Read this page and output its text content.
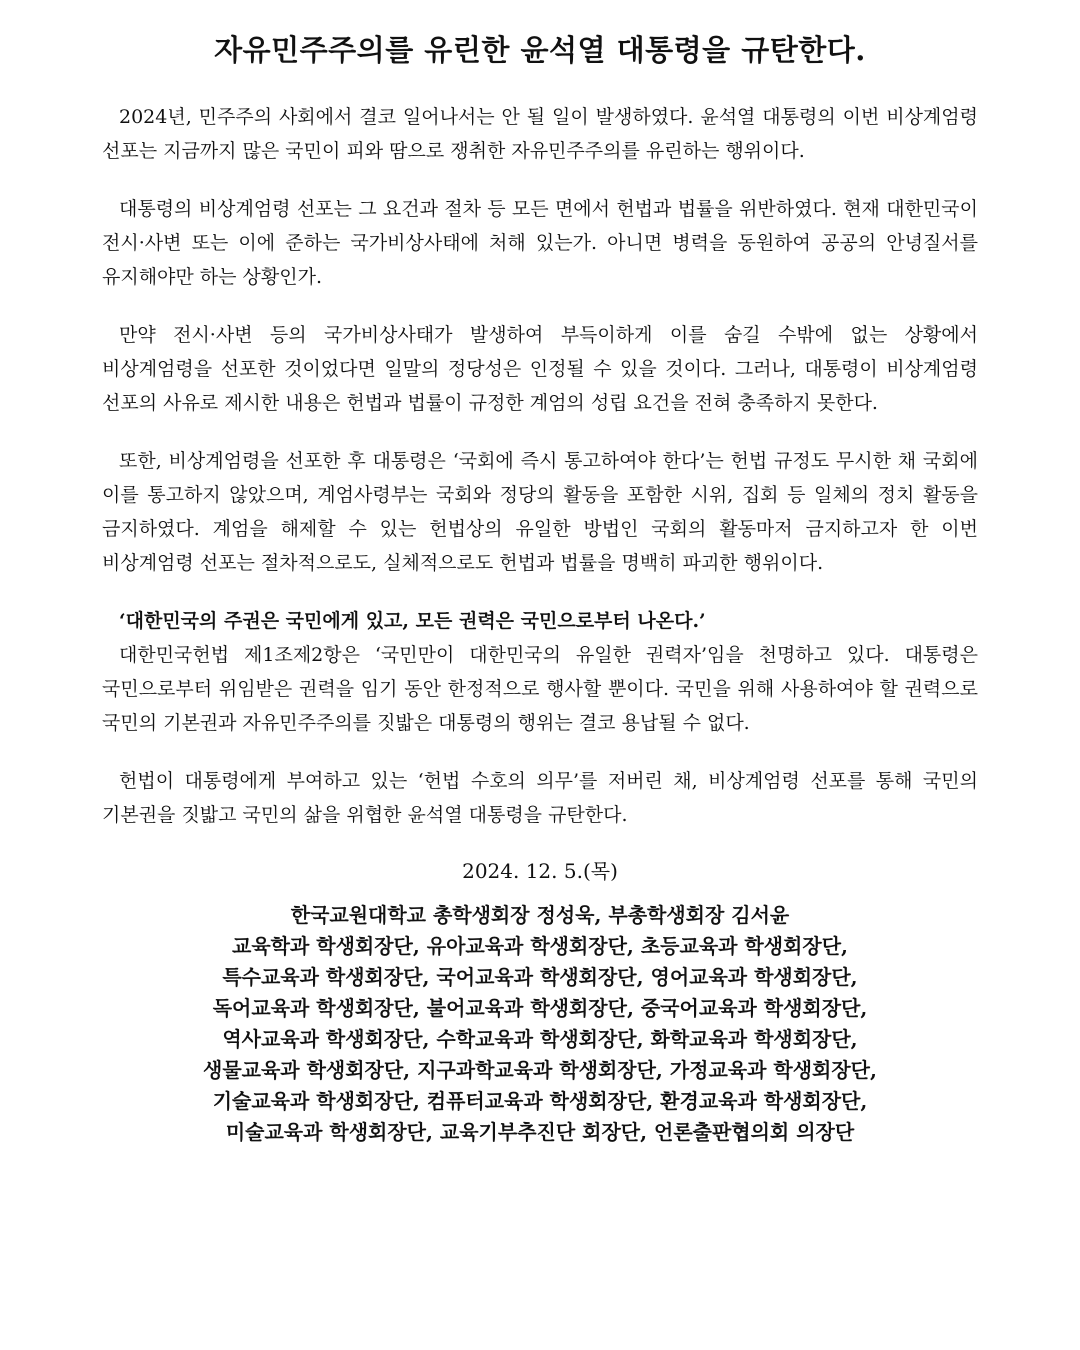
자유민주주의를 유린한 윤석열 대통령을 규탄한다.

2024년, 민주주의 사회에서 결코 일어나서는 안 될 일이 발생하였다. 윤석열 대통령의 이번 비상계엄령 선포는 지금까지 많은 국민이 피와 땀으로 쟁취한 자유민주주의를 유린하는 행위이다.

대통령의 비상계엄령 선포는 그 요건과 절차 등 모든 면에서 헌법과 법률을 위반하였다. 현재 대한민국이 전시·사변 또는 이에 준하는 국가비상사태에 처해 있는가. 아니면 병력을 동원하여 공공의 안녕질서를 유지해야만 하는 상황인가.

만약 전시·사변 등의 국가비상사태가 발생하여 부득이하게 이를 숨길 수밖에 없는 상황에서 비상계엄령을 선포한 것이었다면 일말의 정당성은 인정될 수 있을 것이다. 그러나, 대통령이 비상계엄령 선포의 사유로 제시한 내용은 헌법과 법률이 규정한 계엄의 성립 요건을 전혀 충족하지 못한다.

또한, 비상계엄령을 선포한 후 대통령은 ‘국회에 즉시 통고하여야 한다’는 헌법 규정도 무시한 채 국회에 이를 통고하지 않았으며, 계엄사령부는 국회와 정당의 활동을 포함한 시위, 집회 등 일체의 정치 활동을 금지하였다. 계엄을 해제할 수 있는 헌법상의 유일한 방법인 국회의 활동마저 금지하고자 한 이번 비상계엄령 선포는 절차적으로도, 실체적으로도 헌법과 법률을 명백히 파괴한 행위이다.

‘대한민국의 주권은 국민에게 있고, 모든 권력은 국민으로부터 나온다.’

대한민국헌법 제1조제2항은 ‘국민만이 대한민국의 유일한 권력자’임을 천명하고 있다. 대통령은 국민으로부터 위임받은 권력을 임기 동안 한정적으로 행사할 뿐이다. 국민을 위해 사용하여야 할 권력으로 국민의 기본권과 자유민주주의를 짓밟은 대통령의 행위는 결코 용납될 수 없다.

헌법이 대통령에게 부여하고 있는 ‘헌법 수호의 의무’를 저버린 채, 비상계엄령 선포를 통해 국민의 기본권을 짓밟고 국민의 삶을 위협한 윤석열 대통령을 규탄한다.

2024. 12. 5.(목)

한국교원대학교 총학생회장 정성욱, 부총학생회장 김서윤

교육학과 학생회장단, 유아교육과 학생회장단, 초등교육과 학생회장단,

특수교육과 학생회장단, 국어교육과 학생회장단, 영어교육과 학생회장단,

독어교육과 학생회장단, 불어교육과 학생회장단, 중국어교육과 학생회장단,

역사교육과 학생회장단, 수학교육과 학생회장단, 화학교육과 학생회장단,

생물교육과 학생회장단, 지구과학교육과 학생회장단, 가정교육과 학생회장단,

기술교육과 학생회장단, 컴퓨터교육과 학생회장단, 환경교육과 학생회장단,

미술교육과 학생회장단, 교육기부추진단 회장단, 언론출판협의회 의장단
